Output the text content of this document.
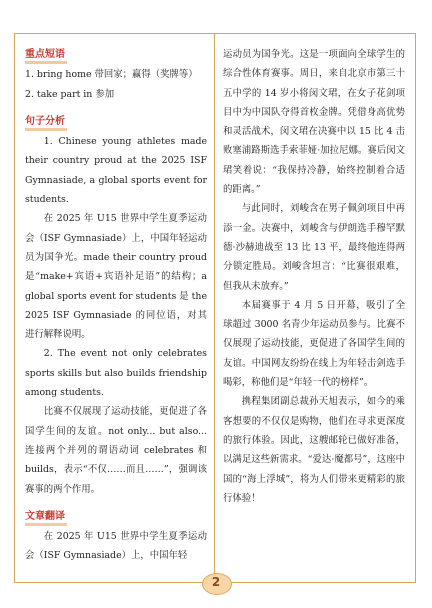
重点短语

1. bring home 带回家；赢得（奖牌等）

2. take part in 参加

句子分析

1. Chinese young athletes made their country proud at the 2025 ISF Gymnasiade, a global sports event for students.

在 2025 年 U15 世界中学生夏季运动会（ISF Gymnasiade）上，中国年轻运动员为国争光。made their country proud 是“make+宾语+宾语补足语”的结构；a global sports event for students 是 the 2025 ISF Gymnasiade 的同位语，对其进行解释说明。

2. The event not only celebrates sports skills but also builds friendship among students.

比赛不仅展现了运动技能，更促进了各国学生间的友谊。not only... but also... 连接两个并列的谓语动词 celebrates 和 builds，表示“不仅……而且……”，强调该赛事的两个作用。

文章翻译

在 2025 年 U15 世界中学生夏季运动会（ISF Gymnasiade）上，中国年轻

运动员为国争光。这是一项面向全球学生的综合性体育赛事。周日，来自北京市第三十五中学的 14 岁小将闵文珺，在女子花剑项目中为中国队夺得首枚金牌。凭借身高优势和灵活战术，闵文珺在决赛中以 15 比 4 击败塞浦路斯选手索菲娅·加拉尼娜。赛后闵文珺笑着说：“我保持冷静，始终控制着合适的距离。”

与此同时，刘峻含在男子佩剑项目中再添一金。决赛中，刘峻含与伊朗选手穆罕默德·沙赫迪战至 13 比 13 平，最终他连得两分锁定胜局。刘峻含坦言：“比赛很艰难，但我从未放弃。”

本届赛事于 4 月 5 日开幕，吸引了全球超过 3000 名青少年运动员参与。比赛不仅展现了运动技能，更促进了各国学生间的友谊。中国网友纷纷在线上为年轻击剑选手喝彩，称他们是“年轻一代的榜样”。

携程集团副总裁孙天旭表示，如今的乘客想要的不仅仅是购物，他们在寻求更深度的旅行体验。因此，这艘邮轮已做好准备，以满足这些新需求。“爱达·魔都号”，这座中国的“海上浮城”，将为人们带来更精彩的旅行体验！

2
